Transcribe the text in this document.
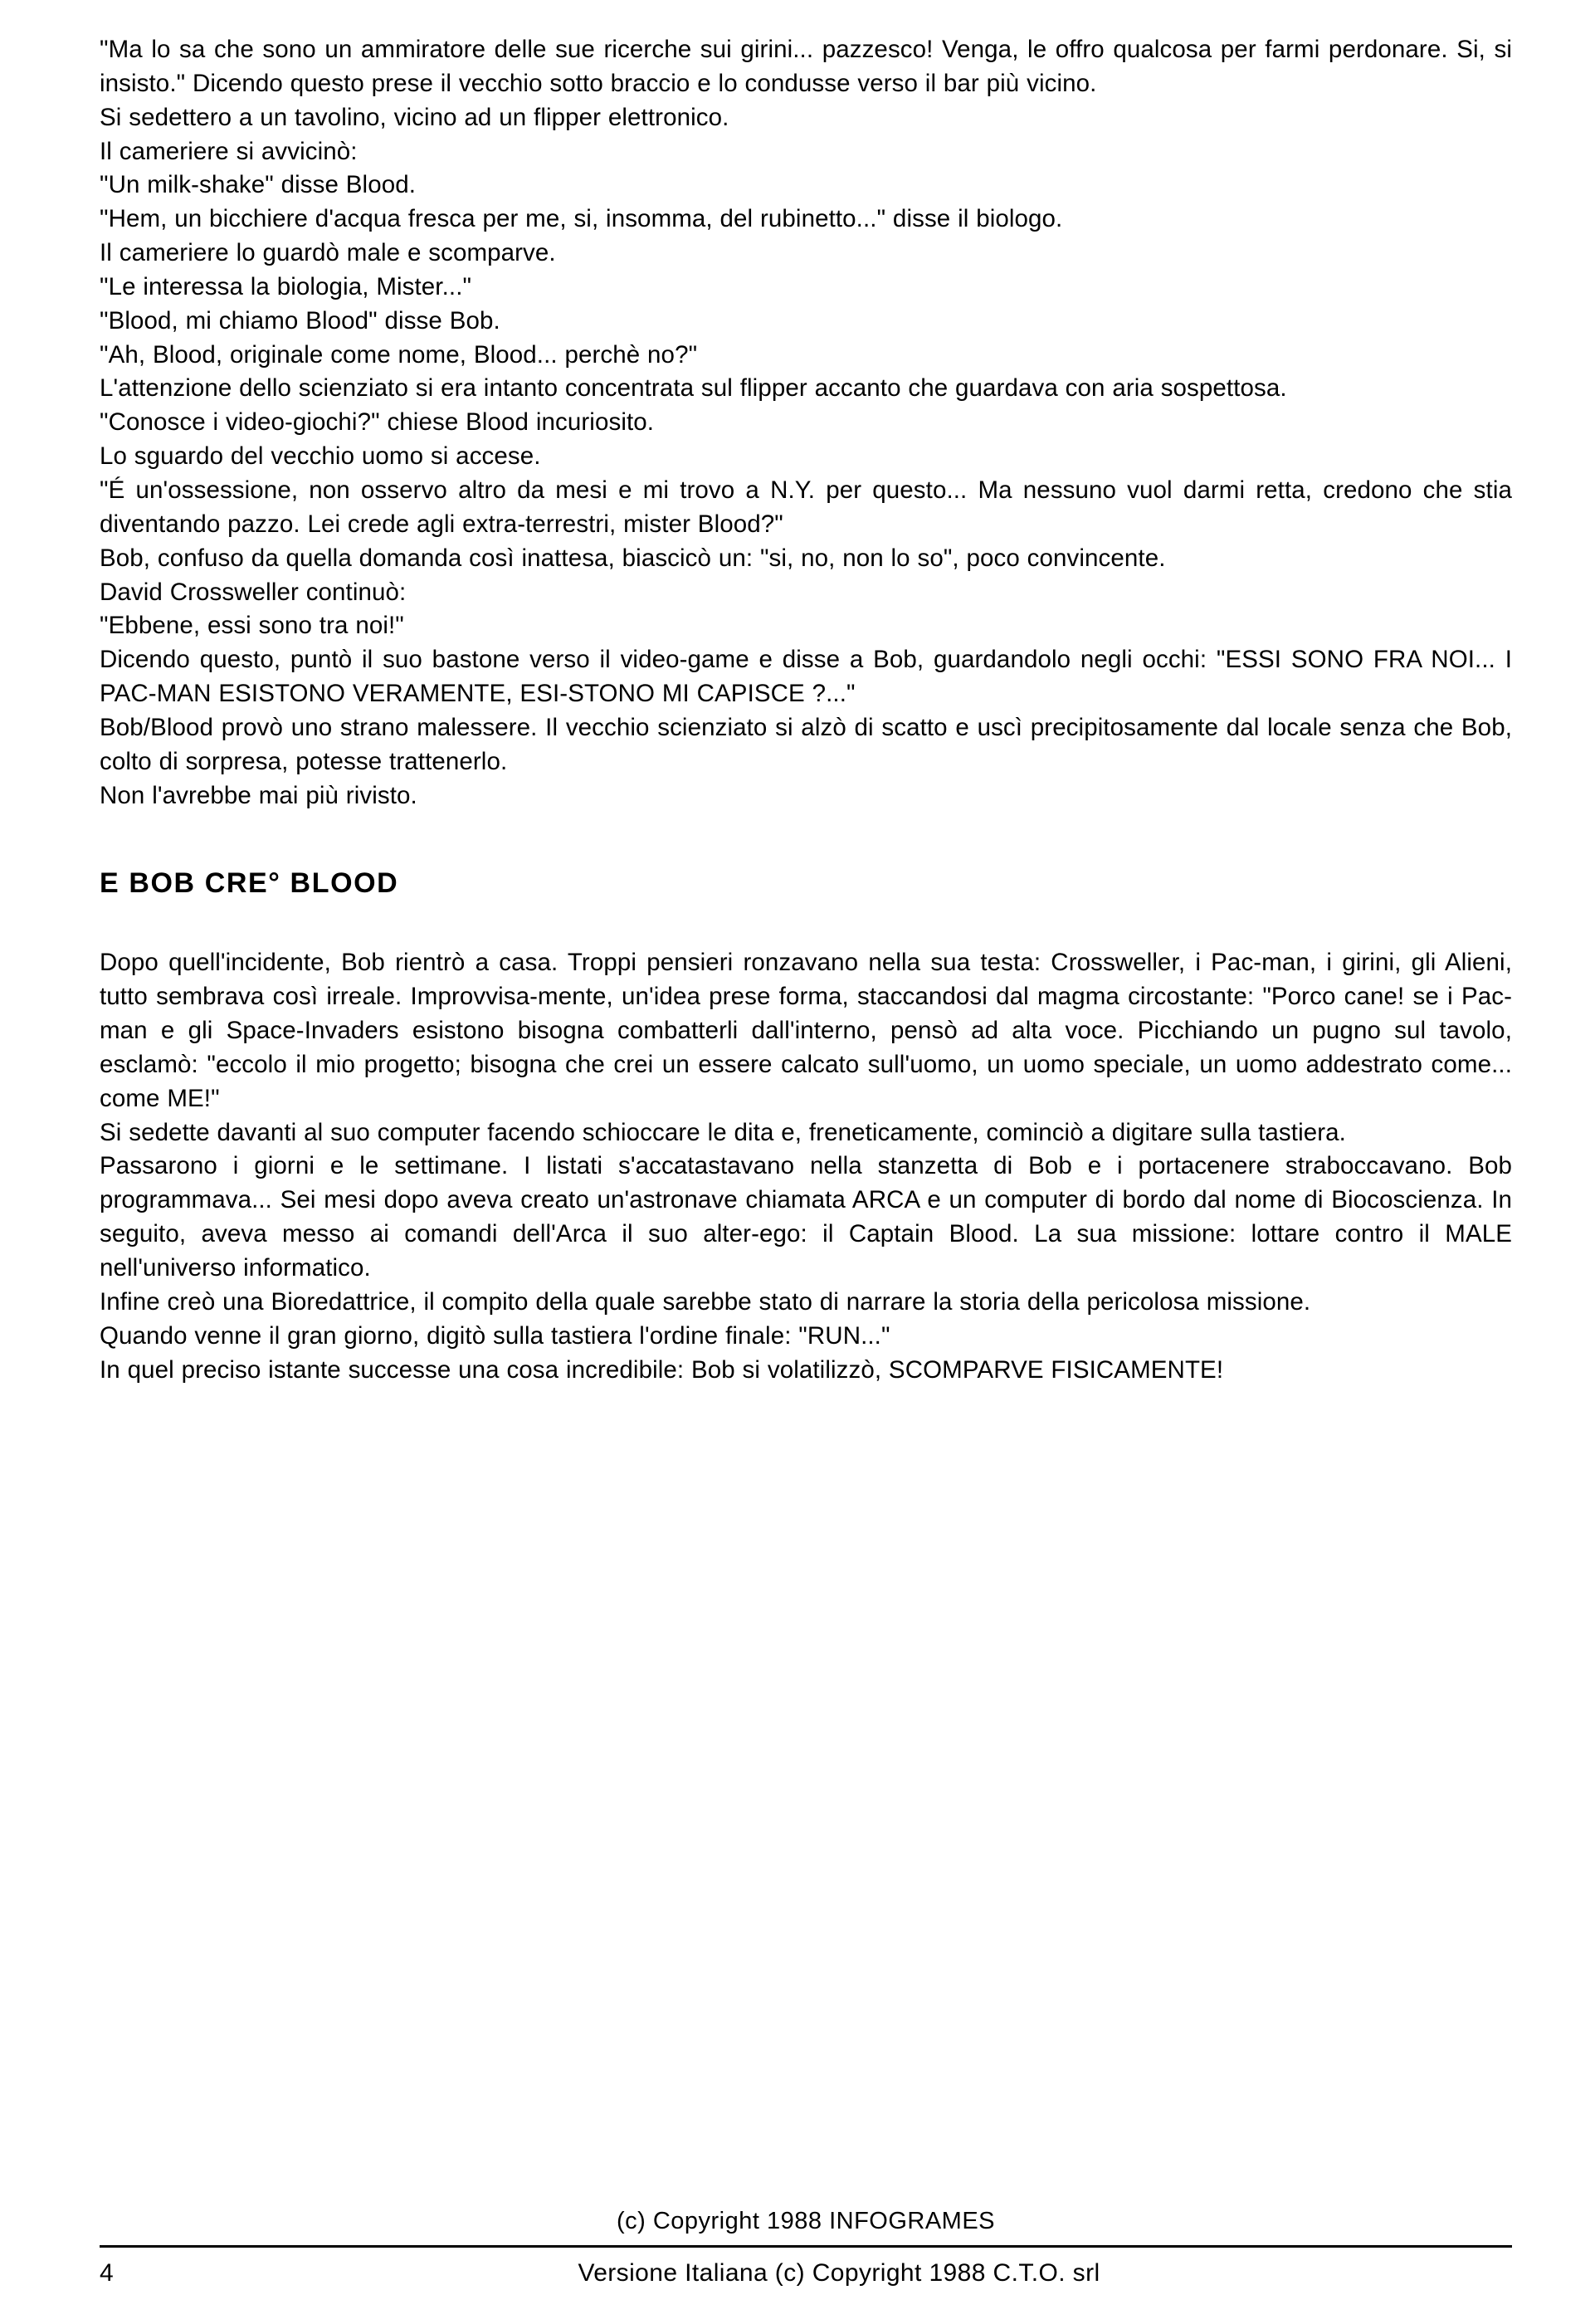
"Ma lo sa che sono un ammiratore delle sue ricerche sui girini... pazzesco! Venga, le offro qualcosa per farmi perdonare. Si, si insisto." Dicendo questo prese il vecchio sotto braccio e lo condusse verso il bar più vicino.

Si sedettero a un tavolino, vicino ad un flipper elettronico.

Il cameriere si avvicinò:

"Un milk-shake" disse Blood.

"Hem, un bicchiere d'acqua fresca per me, si, insomma, del rubinetto..." disse il biologo.

Il cameriere lo guardò male e scomparve.

"Le interessa la biologia, Mister..."

"Blood, mi chiamo Blood" disse Bob.

"Ah, Blood, originale come nome, Blood... perchè no?"

L'attenzione dello scienziato si era intanto concentrata sul flipper accanto che guardava con aria sospettosa.

"Conosce i video-giochi?" chiese Blood incuriosito.

Lo sguardo del vecchio uomo si accese.

"É un'ossessione, non osservo altro da mesi e mi trovo a N.Y. per questo... Ma nessuno vuol darmi retta, credono che stia diventando pazzo. Lei crede agli extra-terrestri, mister Blood?"

Bob, confuso da quella domanda così inattesa, biascicò un: "si, no, non lo so", poco convincente.

David Crossweller continuò:

"Ebbene, essi sono tra noi!"

Dicendo questo, puntò il suo bastone verso il video-game e disse a Bob, guardandolo negli occhi: "ESSI SONO FRA NOI... I PAC-MAN ESISTONO VERAMENTE, ESI-STONO MI CAPISCE ?..."

Bob/Blood provò uno strano malessere. Il vecchio scienziato si alzò di scatto e uscì precipitosamente dal locale senza che Bob, colto di sorpresa, potesse trattenerlo.

Non l'avrebbe mai più rivisto.

E BOB CRE° BLOOD

Dopo quell'incidente, Bob rientrò a casa. Troppi pensieri ronzavano nella sua testa: Crossweller, i Pac-man, i girini, gli Alieni, tutto sembrava così irreale. Improvvisa-mente, un'idea prese forma, staccandosi dal magma circostante: "Porco cane! se i Pac-man e gli Space-Invaders esistono bisogna combatterli dall'interno, pensò ad alta voce. Picchiando un pugno sul tavolo, esclamò: "eccolo il mio progetto; bisogna che crei un essere calcato sull'uomo, un uomo speciale, un uomo addestrato come... come ME!"

Si sedette davanti al suo computer facendo schioccare le dita e, freneticamente, cominciò a digitare sulla tastiera.

Passarono i giorni e le settimane. I listati s'accatastavano nella stanzetta di Bob e i portacenere straboccavano. Bob programmava... Sei mesi dopo aveva creato un'astronave chiamata ARCA e un computer di bordo dal nome di Biocoscienza. In seguito, aveva messo ai comandi dell'Arca il suo alter-ego: il Captain Blood. La sua missione: lottare contro il MALE nell'universo informatico.

Infine creò una Bioredattrice, il compito della quale sarebbe stato di narrare la storia della pericolosa missione.

Quando venne il gran giorno, digitò sulla tastiera l'ordine finale: "RUN..."

In quel preciso istante successe una cosa incredibile: Bob si volatilizzò, SCOMPARVE FISICAMENTE!

(c) Copyright 1988 INFOGRAMES
4	Versione Italiana (c) Copyright 1988 C.T.O. srl
